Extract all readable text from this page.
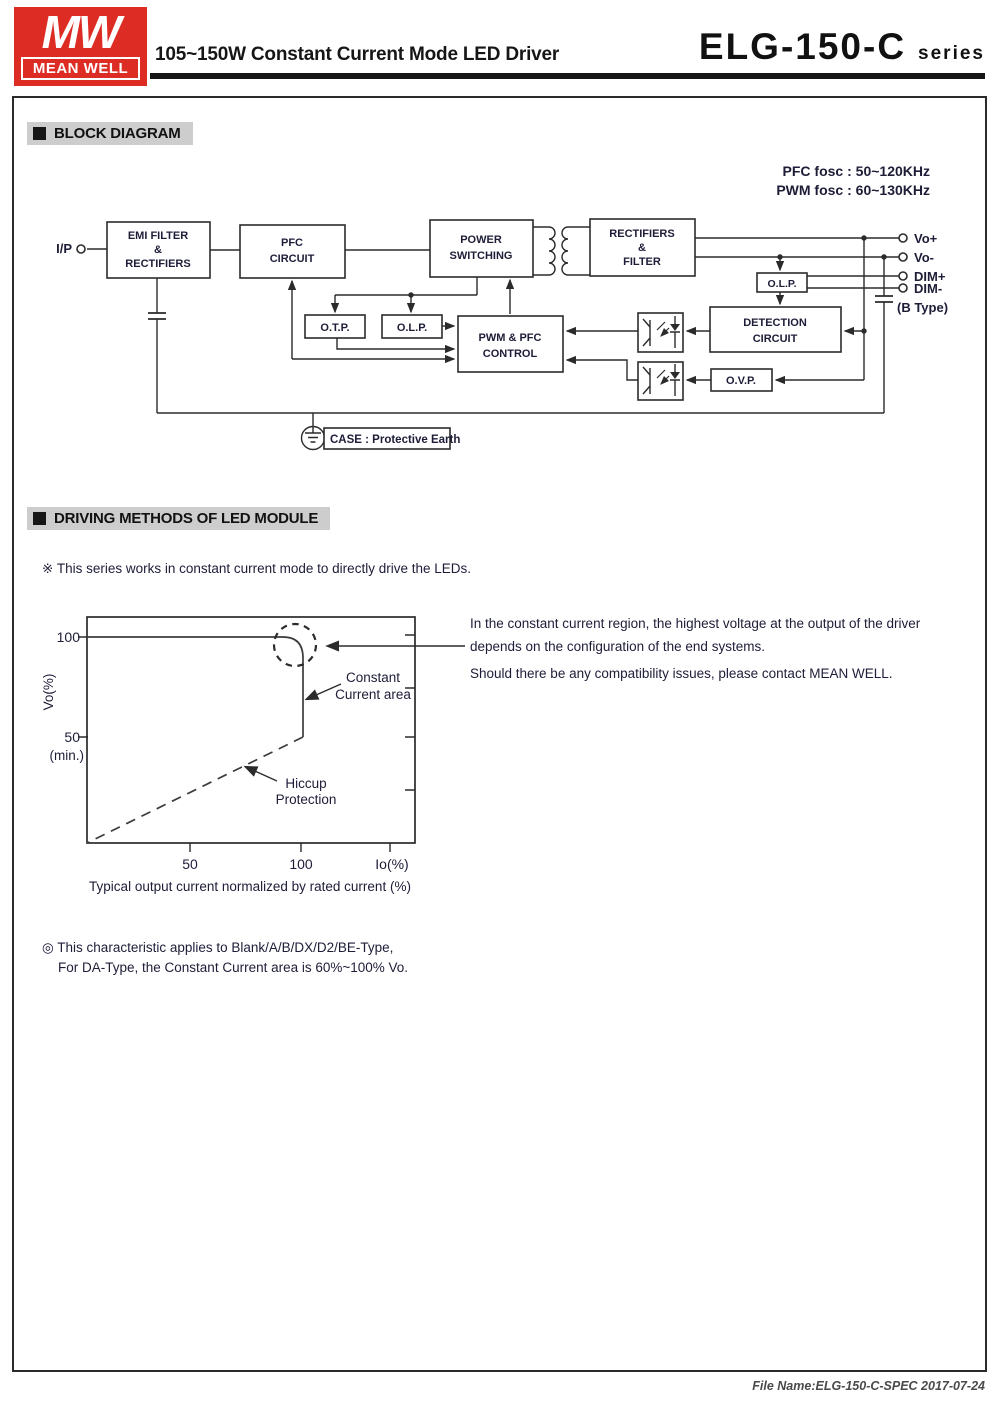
MW
MEAN WELL
105~150W Constant Current Mode LED Driver	ELG-150-C series
BLOCK DIAGRAM
PFC fosc : 50~120KHz
PWM fosc : 60~130KHz
I/P
EMI FILTER
&
RECTIFIERS
PFC
CIRCUIT
POWER
SWITCHING
RECTIFIERS
&
FILTER
O.T.P.	O.L.P.
PWM & PFC
CONTROL
O.L.P.
DETECTION
CIRCUIT
O.V.P.
Vo+
Vo-
DIM+
DIM-
(B Type)
CASE : Protective Earth
DRIVING METHODS OF LED MODULE
※ This series works in constant current mode to directly drive the LEDs.
100
50
(min.)
Vo(%)
50	100	Io(%)
Constant
Current area
Hiccup
Protection
In the constant current region, the highest voltage at the output of the driver
depends on the configuration of the end systems.
Should there be any compatibility issues, please contact MEAN WELL.
Typical output current normalized by rated current (%)
◎ This characteristic applies to Blank/A/B/DX/D2/BE-Type,
For DA-Type, the Constant Current area is 60%~100% Vo.
File Name:ELG-150-C-SPEC 2017-07-24
